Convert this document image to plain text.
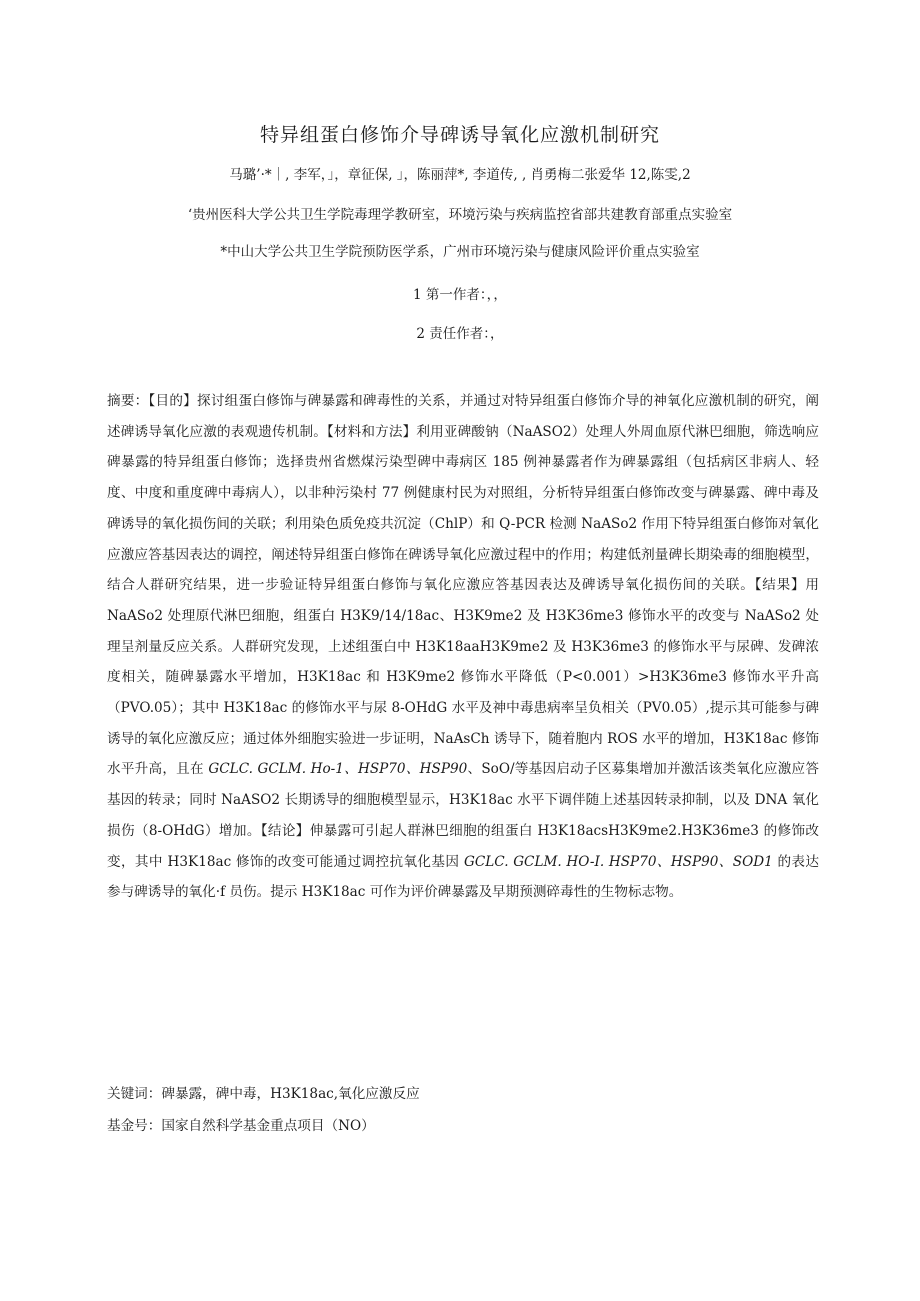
特异组蛋白修饰介导碑诱导氧化应激机制研究
马璐’·*｜, 李军，」，章征保, 」，陈丽萍*, 李道传, , 肖勇梅二张爱华 12,陈雯,2
‘贵州医科大学公共卫生学院毒理学教研室，环境污染与疾病监控省部共建教育部重点实验室
*中山大学公共卫生学院预防医学系，广州市环境污染与健康风险评价重点实验室
1 第一作者：，，
2 责任作者：，

摘要：【目的】探讨组蛋白修饰与碑暴露和碑毒性的关系，并通过对特异组蛋白修饰介导的神氧化应激机制的研究，阐述碑诱导氧化应激的表观遗传机制。【材料和方法】利用亚碑酸钠（NaASO2）处理人外周血原代淋巴细胞，筛选响应碑暴露的特异组蛋白修饰；选择贵州省燃煤污染型碑中毒病区 185 例神暴露者作为碑暴露组（包括病区非病人、轻度、中度和重度碑中毒病人），以非种污染村 77 例健康村民为对照组，分析特异组蛋白修饰改变与碑暴露、碑中毒及碑诱导的氧化损伤间的关联；利用染色质免疫共沉淀（ChlP）和 Q-PCR 检测 NaASo2 作用下特异组蛋白修饰对氧化应激应答基因表达的调控，阐述特异组蛋白修饰在碑诱导氧化应激过程中的作用；构建低剂量碑长期染毒的细胞模型，结合人群研究结果，进一步验证特异组蛋白修饰与氧化应激应答基因表达及碑诱导氧化损伤间的关联。【结果】用 NaASo2 处理原代淋巴细胞，组蛋白 H3K9/14/18ac、H3K9me2 及 H3K36me3 修饰水平的改变与 NaASo2 处理呈剂量反应关系。人群研究发现，上述组蛋白中 H3K18aaH3K9me2 及 H3K36me3 的修饰水平与尿碑、发碑浓度相关，随碑暴露水平增加，H3K18ac 和 H3K9me2 修饰水平降低（P<0.001）>H3K36me3 修饰水平升高（PVO.05）；其中 H3K18ac 的修饰水平与尿 8-OHdG 水平及神中毒患病率呈负相关（PV0.05）,提示其可能参与碑诱导的氧化应激反应；通过体外细胞实验进一步证明，NaAsCh 诱导下，随着胞内 ROS 水平的增加，H3K18ac 修饰水平升高，且在 GCLC. GCLM. Ho-1、HSP70、HSP90、SoO/等基因启动子区募集增加并激活该类氧化应激应答基因的转录；同时 NaASO2 长期诱导的细胞模型显示，H3K18ac 水平下调伴随上述基因转录抑制，以及 DNA 氧化损伤（8-OHdG）增加。【结论】伸暴露可引起人群淋巴细胞的组蛋白 H3K18acsH3K9me2.H3K36me3 的修饰改变，其中 H3K18ac 修饰的改变可能通过调控抗氧化基因 GCLC. GCLM. HO-I. HSP70、HSP90、SOD1 的表达参与碑诱导的氧化·f 员伤。提示 H3K18ac 可作为评价碑暴露及早期预测碎毒性的生物标志物。

关键词：碑暴露，碑中毒，H3K18ac,氧化应激反应
基金号：国家自然科学基金重点项目（NO）
